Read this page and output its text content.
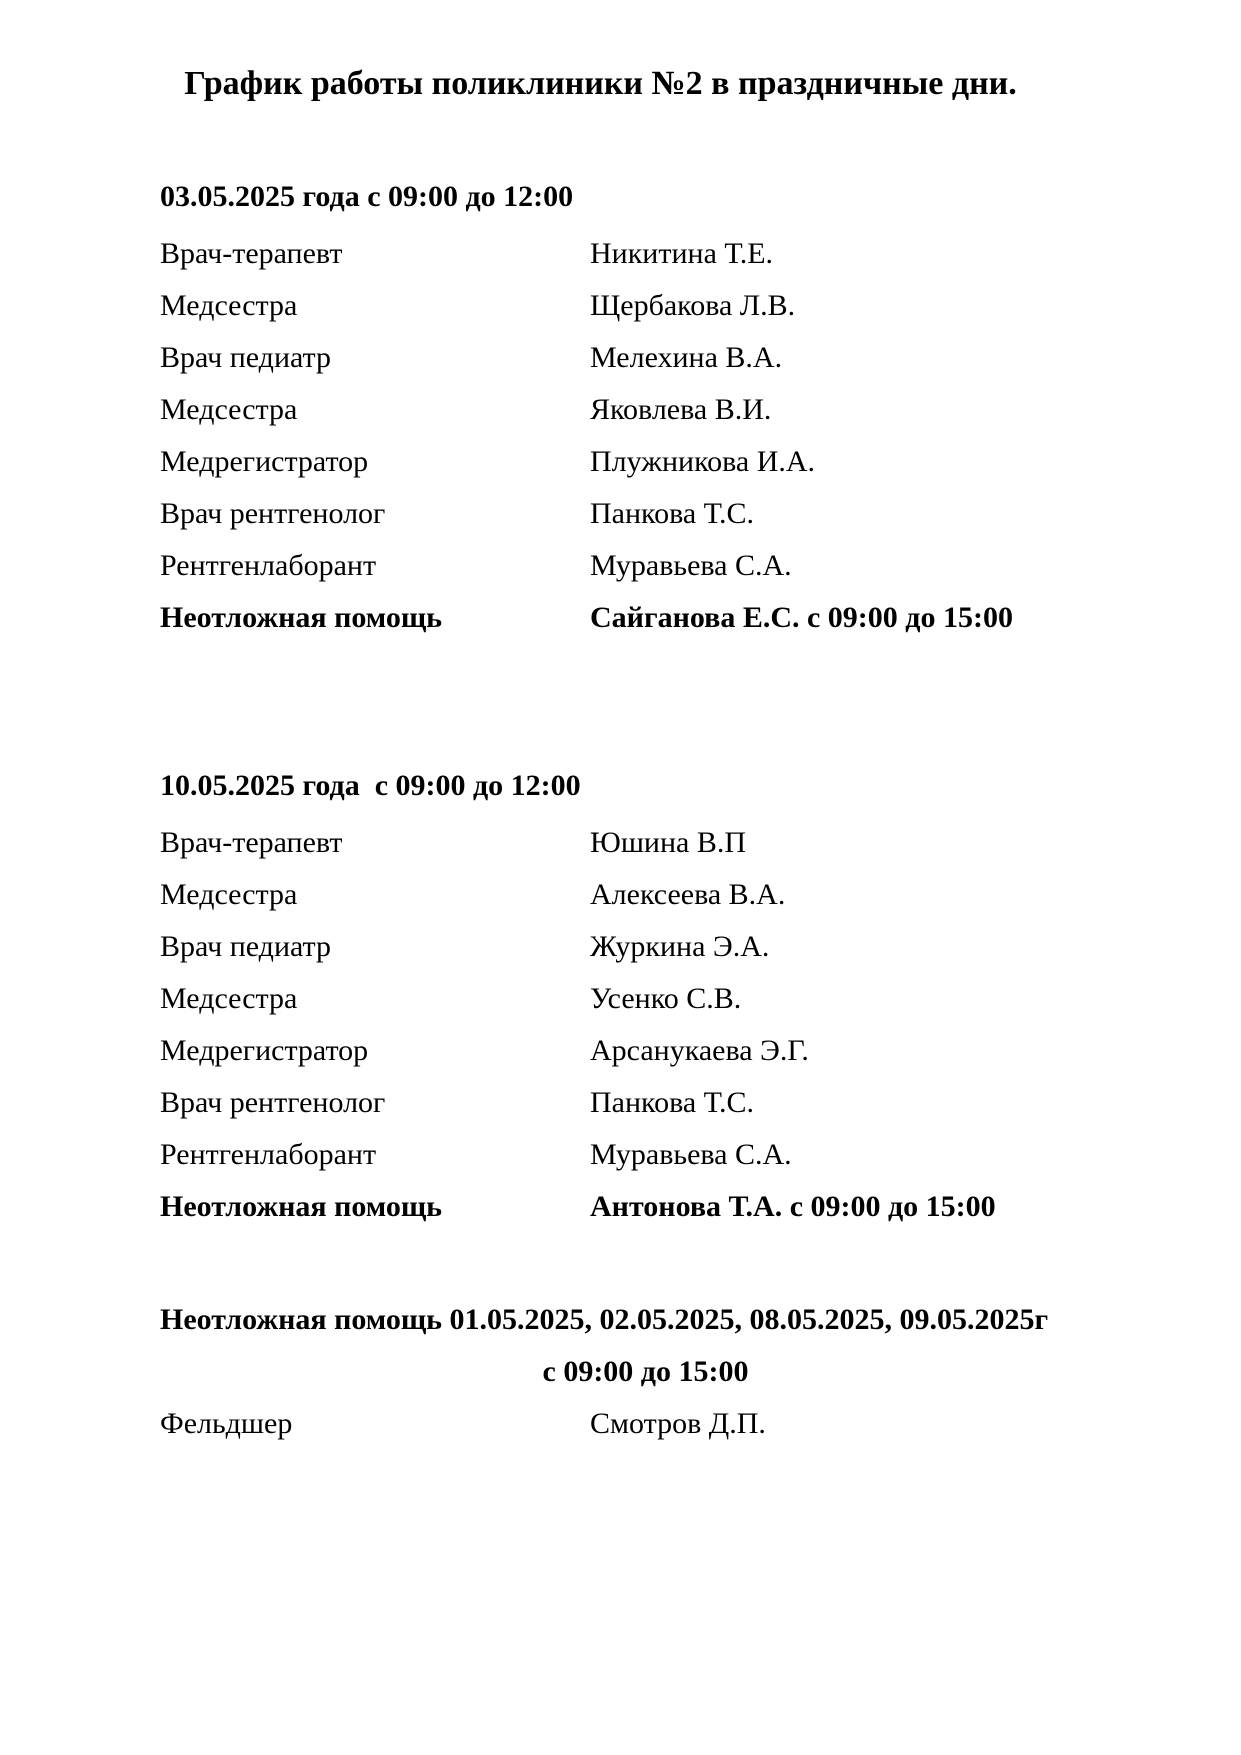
График работы поликлиники №2 в праздничные дни.
03.05.2025 года с 09:00 до 12:00
Врач-терапевт	Никитина Т.Е.
Медсестра	Щербакова Л.В.
Врач педиатр	Мелехина В.А.
Медсестра	Яковлева В.И.
Медрегистратор	Плужникова И.А.
Врач рентгенолог	Панкова Т.С.
Рентгенлаборант	Муравьева С.А.
Неотложная помощь	Сайганова Е.С. с 09:00 до 15:00
10.05.2025 года  с 09:00 до 12:00
Врач-терапевт	Юшина В.П
Медсестра	Алексеева В.А.
Врач педиатр	Журкина Э.А.
Медсестра	Усенко С.В.
Медрегистратор	Арсанукаева Э.Г.
Врач рентгенолог	Панкова Т.С.
Рентгенлаборант	Муравьева С.А.
Неотложная помощь	Антонова Т.А. с 09:00 до 15:00
Неотложная помощь 01.05.2025, 02.05.2025, 08.05.2025, 09.05.2025г
с 09:00 до 15:00
Фельдшер	Смотров Д.П.
